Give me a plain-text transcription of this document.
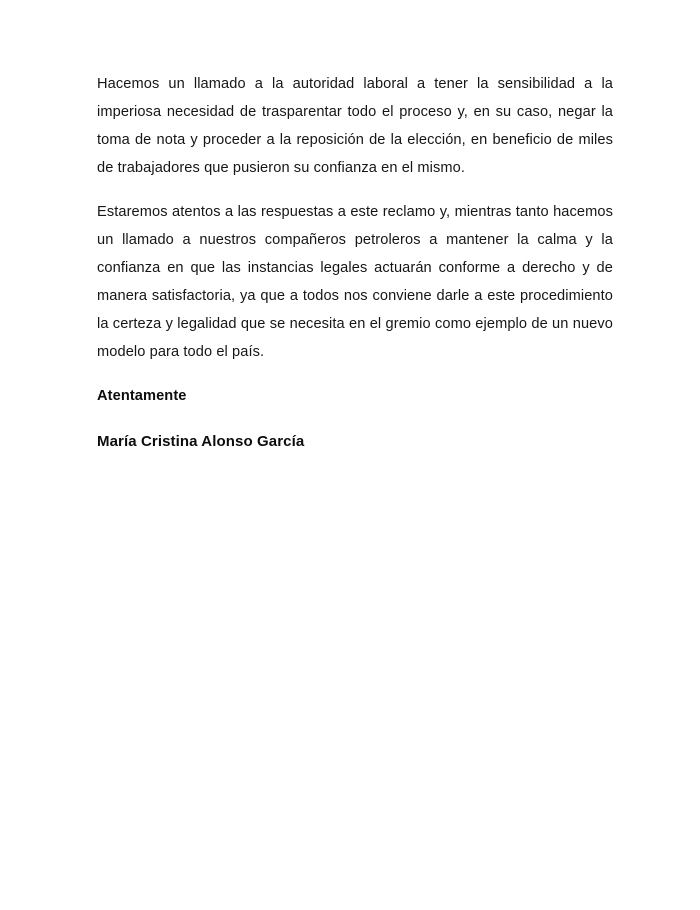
Hacemos un llamado a la autoridad laboral a tener la sensibilidad a la imperiosa necesidad de trasparentar todo el proceso y, en su caso, negar la toma de nota y proceder a la reposición de la elección, en beneficio de miles de trabajadores que pusieron su confianza en el mismo.

Estaremos atentos a las respuestas a este reclamo y, mientras tanto hacemos un llamado a nuestros compañeros petroleros a mantener la calma y la confianza en que las instancias legales actuarán conforme a derecho y de manera satisfactoria, ya que a todos nos conviene darle a este procedimiento la certeza y legalidad que se necesita en el gremio como ejemplo de un nuevo modelo para todo el país.

Atentamente

María Cristina Alonso García
